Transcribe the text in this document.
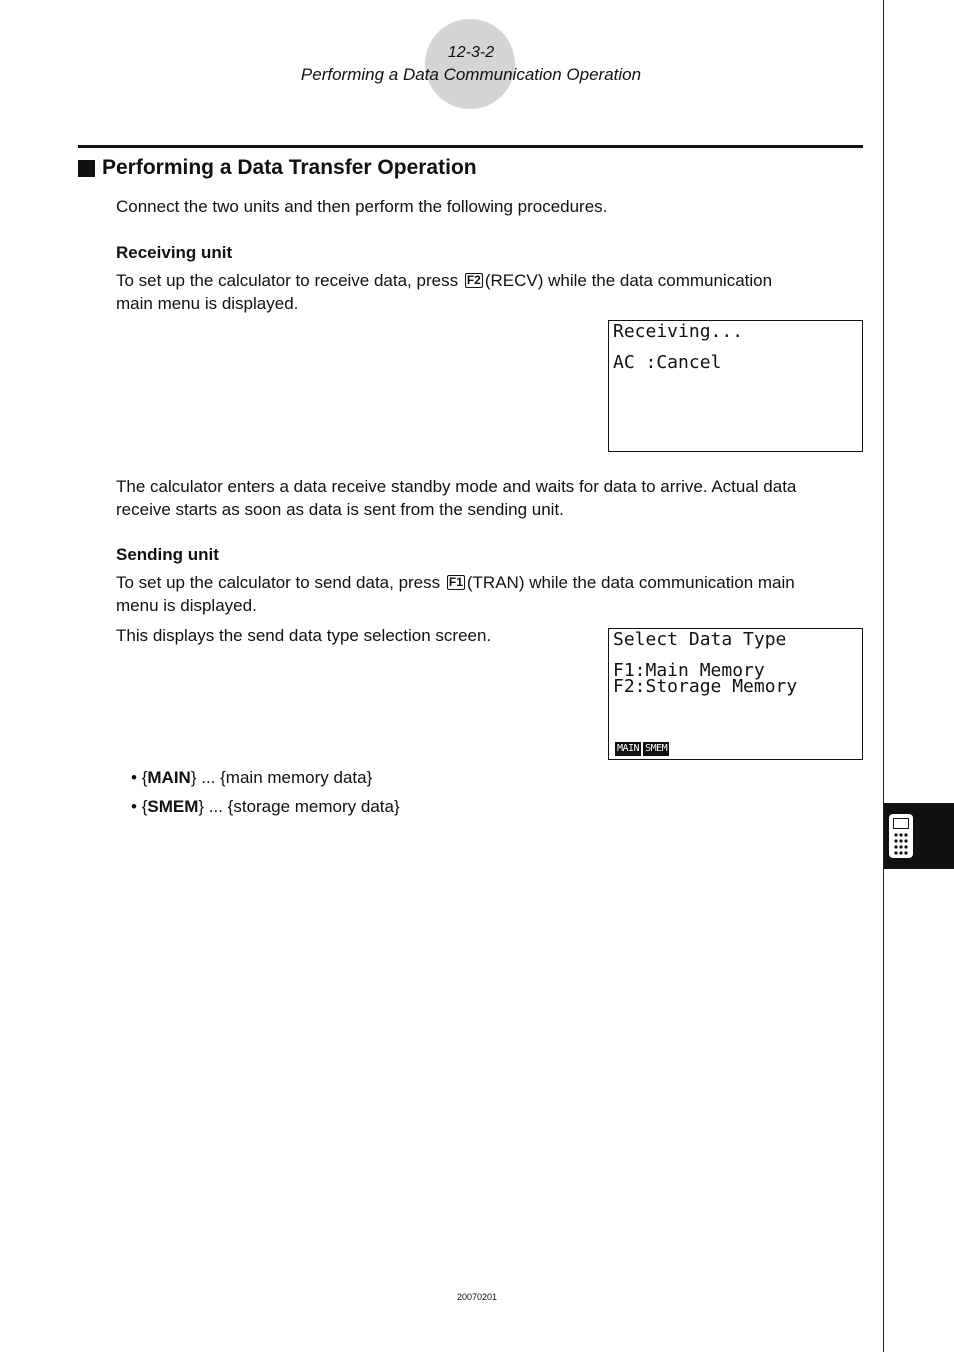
12-3-2
Performing a Data Communication Operation
Performing a Data Transfer Operation
Connect the two units and then perform the following procedures.
Receiving unit
To set up the calculator to receive data, press F2 (RECV) while the data communication
main menu is displayed.
Receiving...
AC :Cancel
The calculator enters a data receive standby mode and waits for data to arrive. Actual data
receive starts as soon as data is sent from the sending unit.
Sending unit
To set up the calculator to send data, press F1 (TRAN) while the data communication main
menu is displayed.
This displays the send data type selection screen.	Select Data Type
F1:Main Memory
F2:Storage Memory
MAIN SMEM
• {MAIN} ... {main memory data}
• {SMEM} ... {storage memory data}
20070201
